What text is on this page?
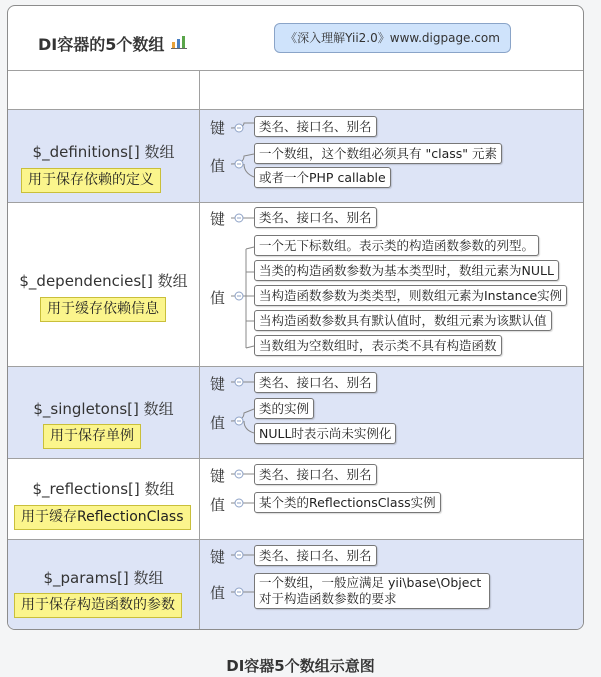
DI容器的5个数组	《深入理解Yii2.0》www.digpage.com
$_definitions[] 数组
用于保存依赖的定义
键
值
类名、接口名、别名
一个数组，这个数组必须具有 "class" 元素
或者一个PHP callable
$_dependencies[] 数组
用于缓存依赖信息
键
值
类名、接口名、别名
一个无下标数组。表示类的构造函数参数的列型。
当类的构造函数参数为基本类型时，数组元素为NULL
当构造函数参数为类类型，则数组元素为Instance实例
当构造函数参数具有默认值时，数组元素为该默认值
当数组为空数组时，表示类不具有构造函数
$_singletons[] 数组
用于保存单例
键
值
类名、接口名、别名
类的实例
NULL时表示尚未实例化
$_reflections[] 数组
用于缓存ReflectionClass
键
值
类名、接口名、别名
某个类的ReflectionsClass实例
$_params[] 数组
用于保存构造函数的参数
键
值
类名、接口名、别名
一个数组，一般应满足 yii\base\Object
对于构造函数参数的要求
DI容器5个数组示意图
